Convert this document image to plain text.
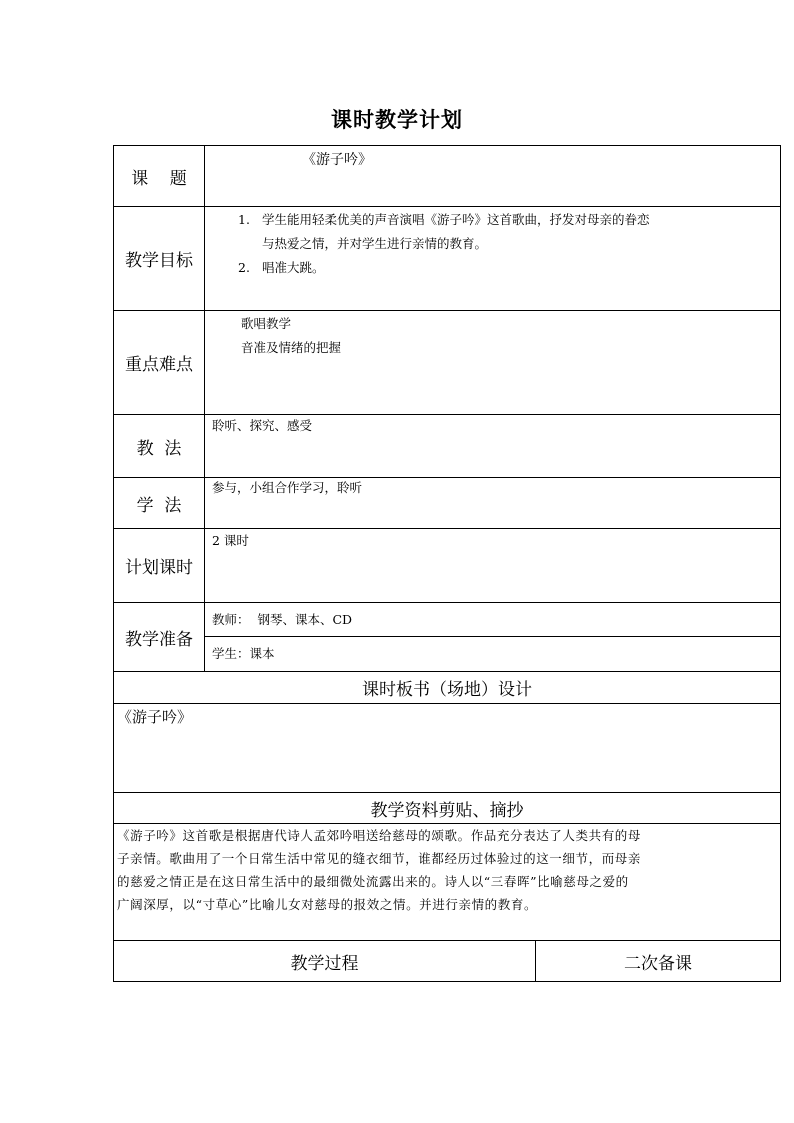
课时教学计划
课    题
《游子吟》
教学目标
1. 学生能用轻柔优美的声音演唱《游子吟》这首歌曲，抒发对母亲的眷恋
与热爱之情，并对学生进行亲情的教育。
2. 唱准大跳。
重点难点
歌唱教学
音准及情绪的把握
教  法
聆听、探究、感受
学  法
参与，小组合作学习，聆听
计划课时
2 课时
教学准备
教师：  钢琴、课本、CD
学生：课本
课时板书（场地）设计
《游子吟》
教学资料剪贴、摘抄
《游子吟》这首歌是根据唐代诗人孟郊吟唱送给慈母的颂歌。作品充分表达了人类共有的母
子亲情。歌曲用了一个日常生活中常见的缝衣细节，谁都经历过体验过的这一细节，而母亲
的慈爱之情正是在这日常生活中的最细微处流露出来的。诗人以“三春晖”比喻慈母之爱的
广阔深厚，以“寸草心”比喻儿女对慈母的报效之情。并进行亲情的教育。
教学过程	二次备课
